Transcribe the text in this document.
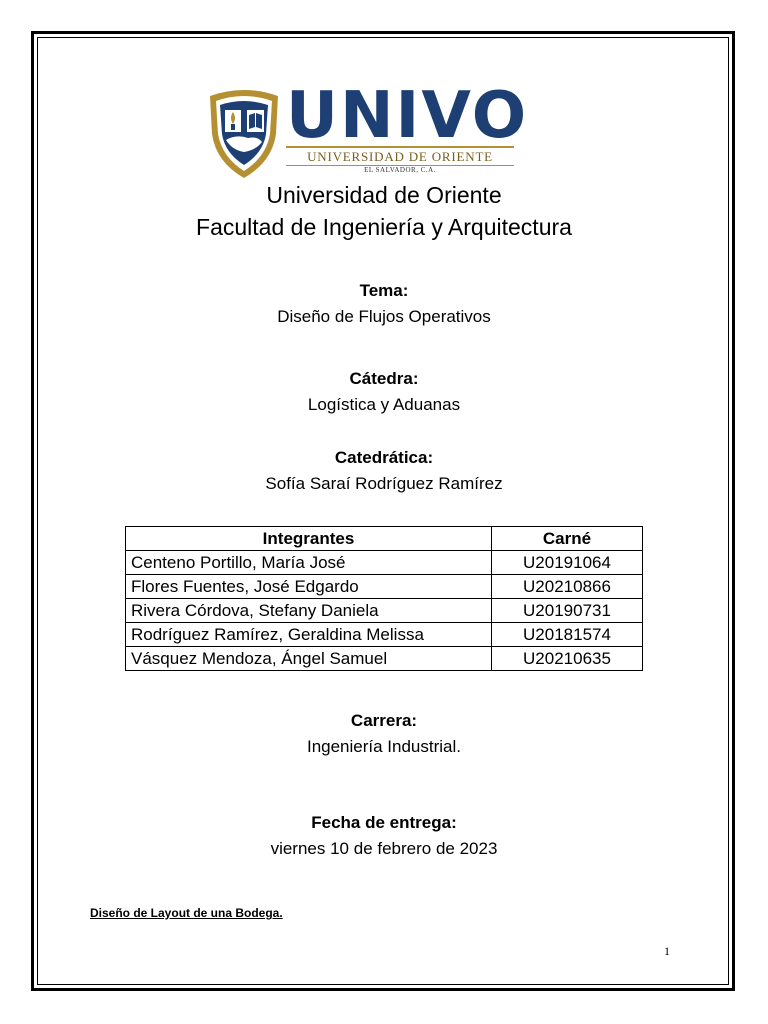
UNIVO
UNIVERSIDAD DE ORIENTE
EL SALVADOR, C.A.
Universidad de Oriente
Facultad de Ingeniería y Arquitectura
Tema:
Diseño de Flujos Operativos
Cátedra:
Logística y Aduanas
Catedrática:
Sofía Saraí Rodríguez Ramírez
Integrantes	Carné
Centeno Portillo, María José	U20191064
Flores Fuentes, José Edgardo	U20210866
Rivera Córdova, Stefany Daniela	U20190731
Rodríguez Ramírez, Geraldina Melissa	U20181574
Vásquez Mendoza, Ángel Samuel	U20210635
Carrera:
Ingeniería Industrial.
Fecha de entrega:
viernes 10 de febrero de 2023
Diseño de Layout de una Bodega.
1
